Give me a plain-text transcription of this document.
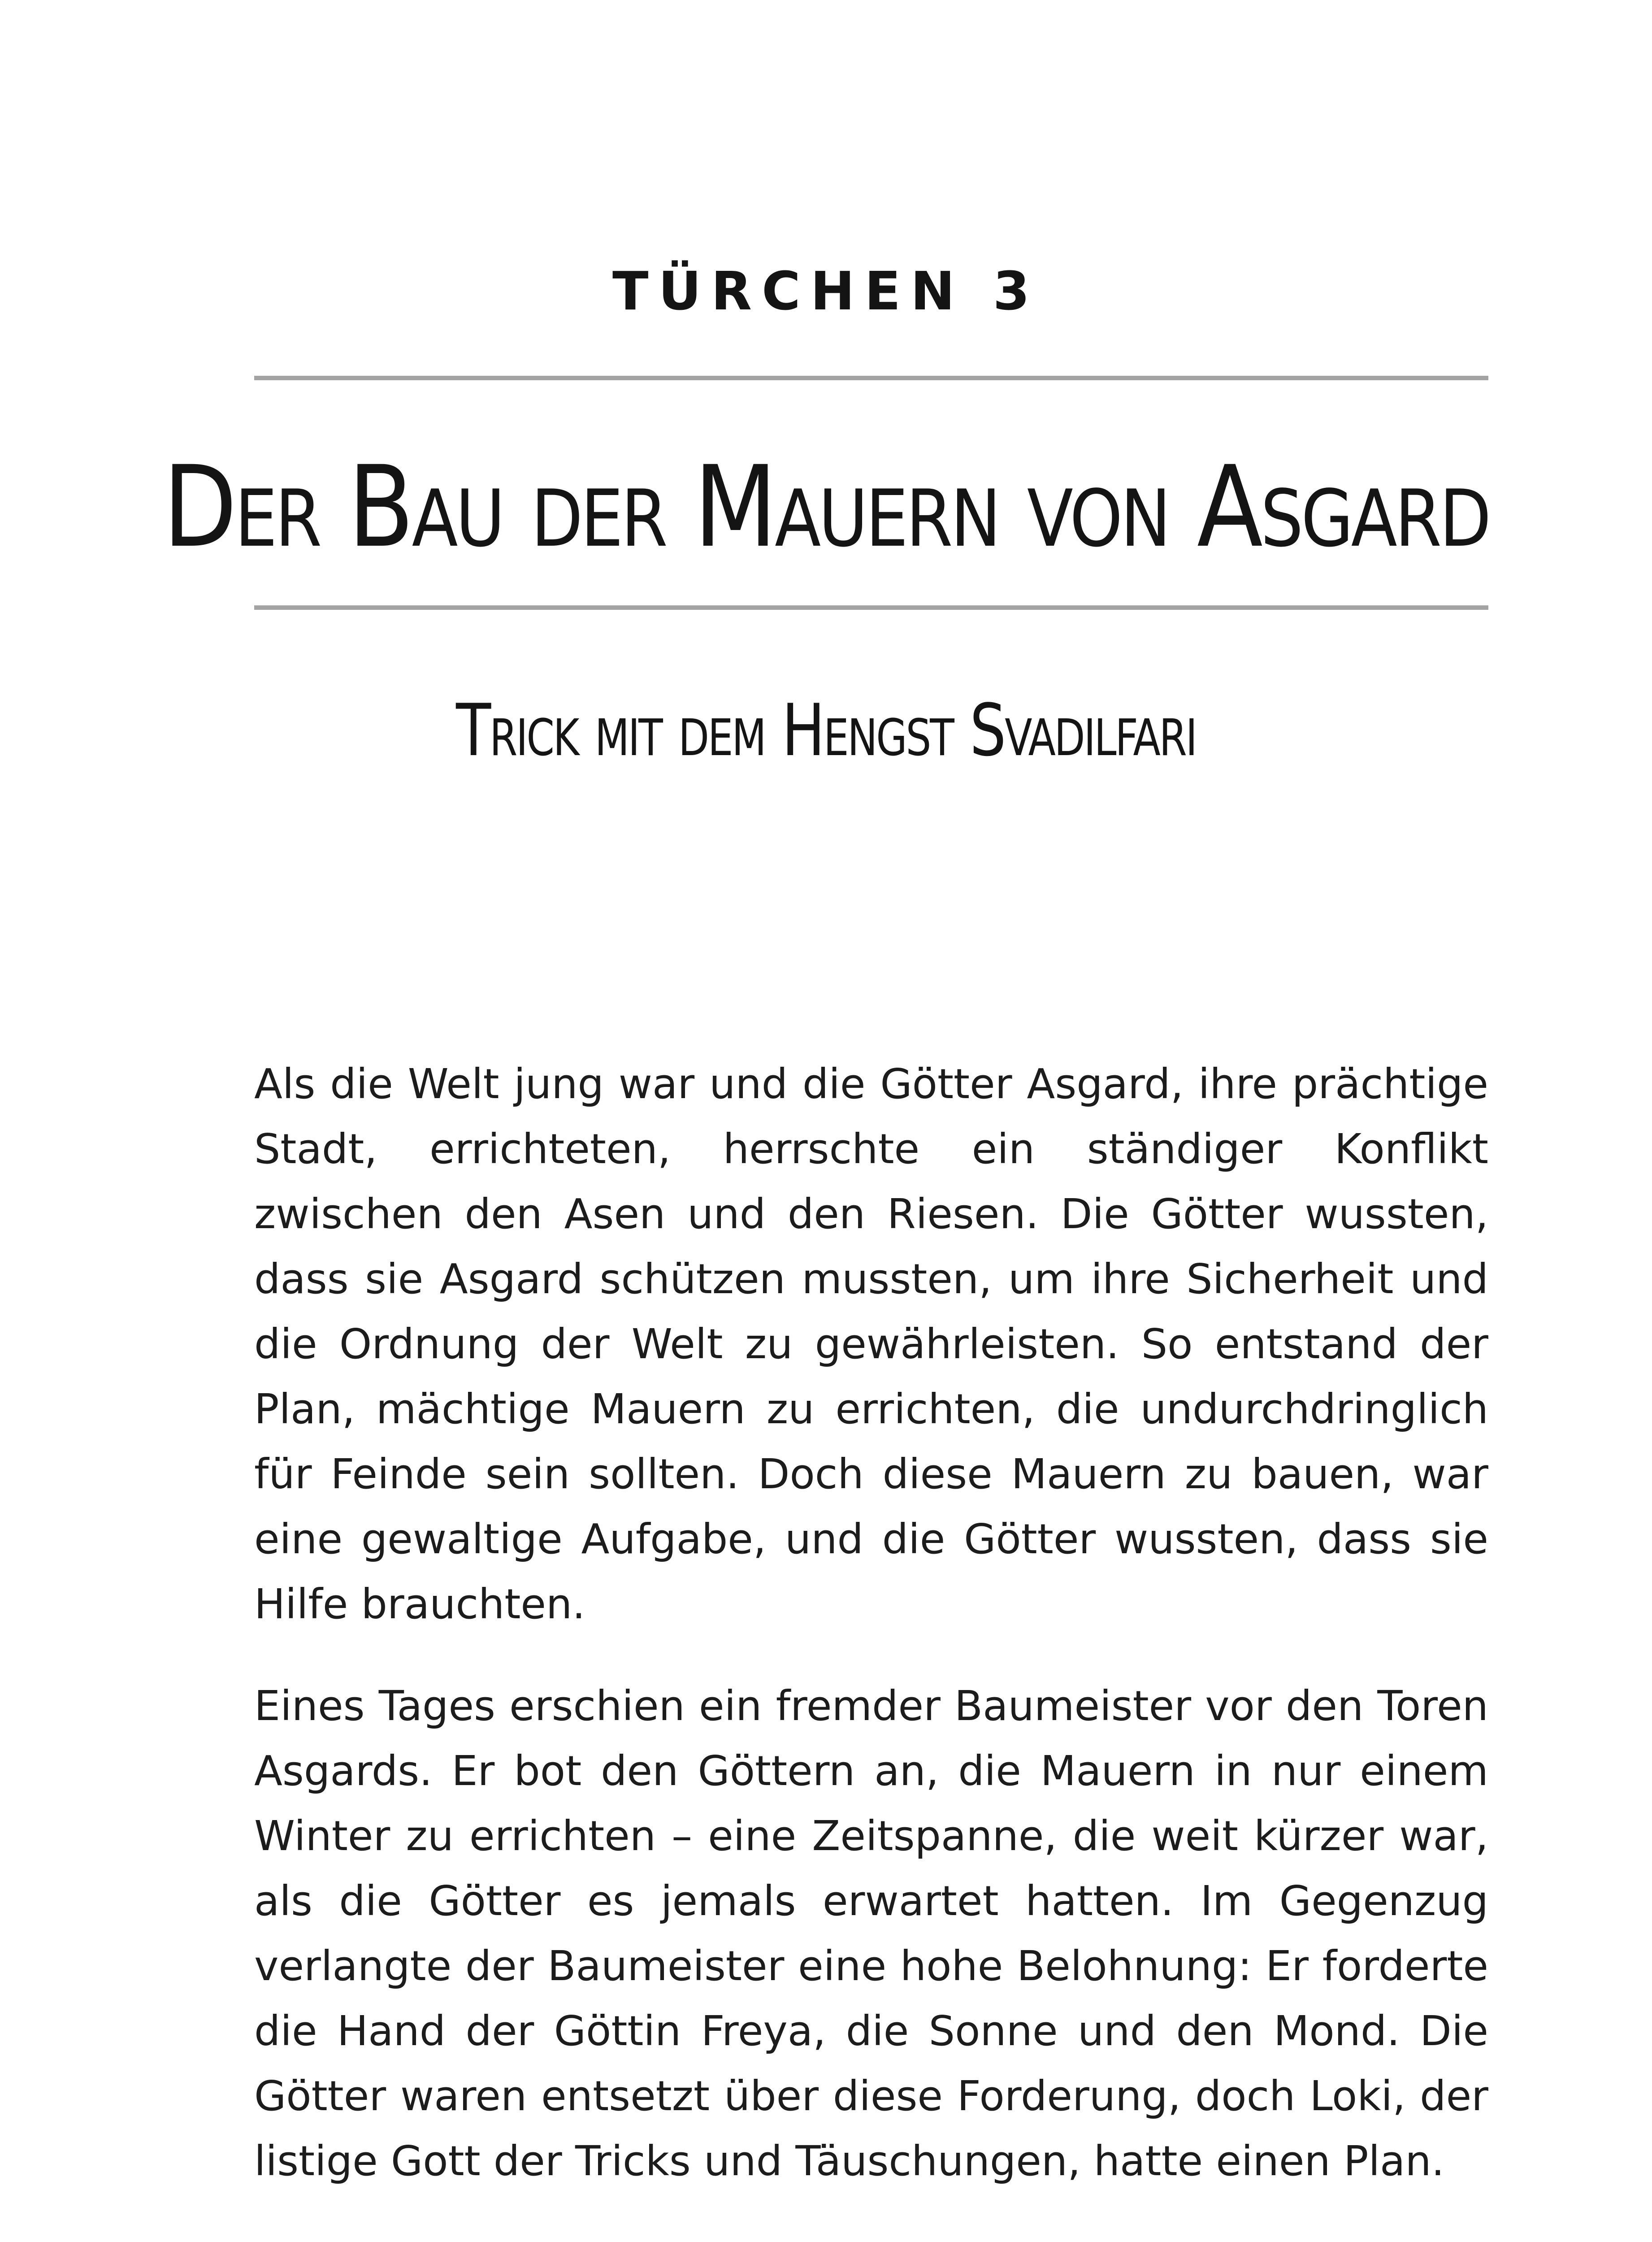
TÜRCHEN 3
Der Bau der Mauern von Asgard
Trick mit dem Hengst Svadilfari

Als die Welt jung war und die Götter Asgard, ihre prächtige Stadt, errichteten, herrschte ein ständiger Konflikt zwischen den Asen und den Riesen. Die Götter wussten, dass sie Asgard schützen mussten, um ihre Sicherheit und die Ordnung der Welt zu gewährleisten. So entstand der Plan, mächtige Mauern zu errichten, die undurchdringlich für Feinde sein sollten. Doch diese Mauern zu bauen, war eine gewaltige Aufgabe, und die Götter wussten, dass sie Hilfe brauchten.

Eines Tages erschien ein fremder Baumeister vor den Toren Asgards. Er bot den Göttern an, die Mauern in nur einem Winter zu errichten – eine Zeitspanne, die weit kürzer war, als die Götter es jemals erwartet hatten. Im Gegenzug verlangte der Baumeister eine hohe Belohnung: Er forderte die Hand der Göttin Freya, die Sonne und den Mond. Die Götter waren entsetzt über diese Forderung, doch Loki, der listige Gott der Tricks und Täuschungen, hatte einen Plan.
